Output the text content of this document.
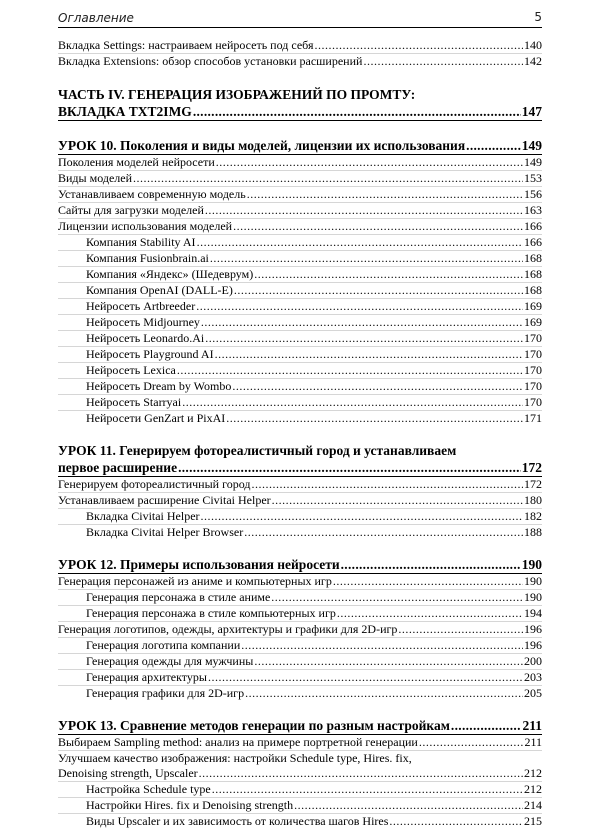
Оглавление	5
Вкладка Settings: настраиваем нейросеть под себя .....	140
Вкладка Extensions: обзор способов установки расширений .....	142
ЧАСТЬ IV. ГЕНЕРАЦИЯ ИЗОБРАЖЕНИЙ ПО ПРОМТУ:
ВКЛАДКА TXT2IMG .....	147
УРОК 10. Поколения и виды моделей, лицензии их использования .....	149
Поколения моделей нейросети .....	149
Виды моделей .....	153
Устанавливаем современную модель .....	156
Сайты для загрузки моделей .....	163
Лицензии использования моделей .....	166
Компания Stability AI .....	166
Компания Fusionbrain.ai .....	168
Компания «Яндекс» (Шедеврум) .....	168
Компания OpenAI (DALL-E) .....	168
Нейросеть Artbreeder .....	169
Нейросеть Midjourney .....	169
Нейросеть Leonardo.Ai .....	170
Нейросеть Playground AI .....	170
Нейросеть Lexica .....	170
Нейросеть Dream by Wombo .....	170
Нейросеть Starryai .....	170
Нейросети GenZart и PixAI .....	171
УРОК 11. Генерируем фотореалистичный город и устанавливаем
первое расширение .....	172
Генерируем фотореалистичный город .....	172
Устанавливаем расширение Civitai Helper .....	180
Вкладка Civitai Helper .....	182
Вкладка Civitai Helper Browser .....	188
УРОК 12. Примеры использования нейросети .....	190
Генерация персонажей из аниме и компьютерных игр .....	190
Генерация персонажа в стиле аниме .....	190
Генерация персонажа в стиле компьютерных игр .....	194
Генерация логотипов, одежды, архитектуры и графики для 2D-игр .....	196
Генерация логотипа компании .....	196
Генерация одежды для мужчины .....	200
Генерация архитектуры .....	203
Генерация графики для 2D-игр .....	205
УРОК 13. Сравнение методов генерации по разным настройкам .....	211
Выбираем Sampling method: анализ на примере портретной генерации .....	211
Улучшаем качество изображения: настройки Schedule type, Hires. fix,
Denoising strength, Upscaler .....	212
Настройка Schedule type .....	212
Настройки Hires. fix и Denoising strength .....	214
Виды Upscaler и их зависимость от количества шагов Hires .....	215
